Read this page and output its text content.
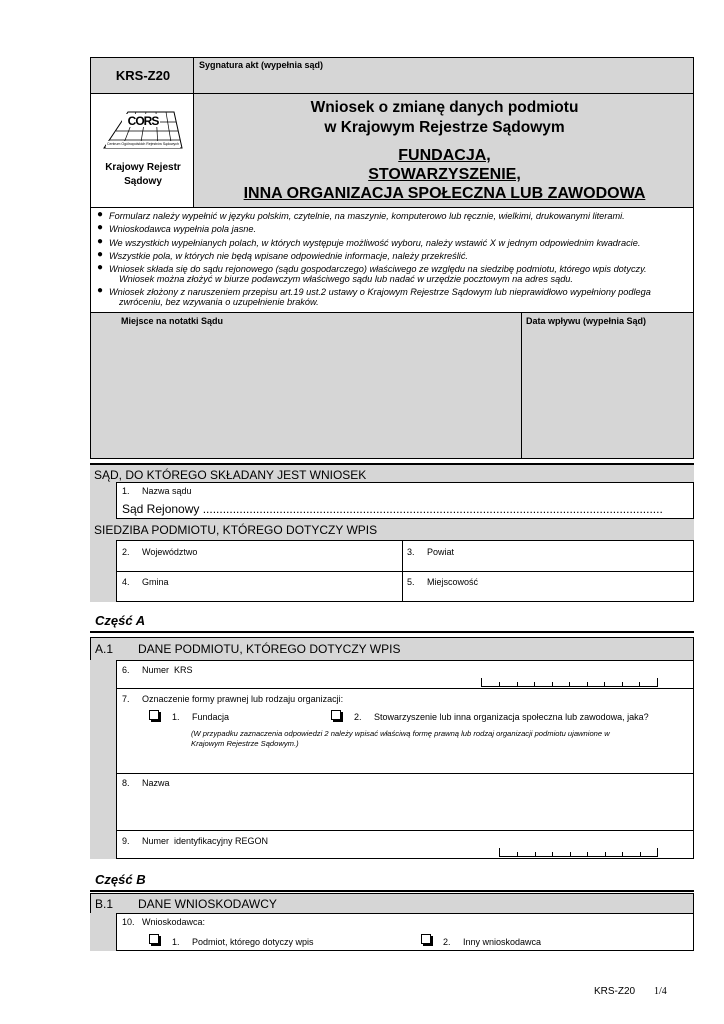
KRS-Z20
Sygnatura akt (wypełnia sąd)
CORS
Centrum Ogólnopolskich Rejestrów Sądowych
Krajowy Rejestr
Sądowy
Wniosek o zmianę danych podmiotu
w Krajowym Rejestrze Sądowym
FUNDACJA,
STOWARZYSZENIE,
INNA ORGANIZACJA SPOŁECZNA LUB ZAWODOWA
● Formularz należy wypełnić w języku polskim, czytelnie, na maszynie, komputerowo lub ręcznie, wielkimi, drukowanymi literami.
● Wnioskodawca wypełnia pola jasne.
● We wszystkich wypełnianych polach, w których występuje możliwość wyboru, należy wstawić X w jednym odpowiednim kwadracie.
● Wszystkie pola, w których nie będą wpisane odpowiednie informacje, należy przekreślić.
● Wniosek składa się do sądu rejonowego (sądu gospodarczego) właściwego ze względu na siedzibę podmiotu, którego wpis dotyczy.
Wniosek można złożyć w biurze podawczym właściwego sądu lub nadać w urzędzie pocztowym na adres sądu.
● Wniosek złożony z naruszeniem przepisu art.19 ust.2 ustawy o Krajowym Rejestrze Sądowym lub nieprawidłowo wypełniony podlega
zwróceniu, bez wzywania o uzupełnienie braków.
Miejsce na notatki Sądu	Data wpływu (wypełnia Sąd)
SĄD, DO KTÓREGO SKŁADANY JEST WNIOSEK
1.     Nazwa sądu
Sąd Rejonowy ..........................................................................................................................................
SIEDZIBA PODMIOTU, KTÓREGO DOTYCZY WPIS
2.     Województwo	3.     Powiat
4.     Gmina	5.     Miejscowość
Część A
A.1 DANE PODMIOTU, KTÓREGO DOTYCZY WPIS
6.     Numer  KRS
7.     Oznaczenie formy prawnej lub rodzaju organizacji:
1. Fundacja	2. Stowarzyszenie lub inna organizacja społeczna lub zawodowa, jaka?
(W przypadku zaznaczenia odpowiedzi 2 należy wpisać właściwą formę prawną lub rodzaj organizacji podmiotu ujawnione w
Krajowym Rejestrze Sądowym.)
8.     Nazwa
9.     Numer  identyfikacyjny REGON
Część B
B.1 DANE WNIOSKODAWCY
10.   Wnioskodawca:
1. Podmiot, którego dotyczy wpis	2. Inny wnioskodawca
KRS-Z20 1/4
